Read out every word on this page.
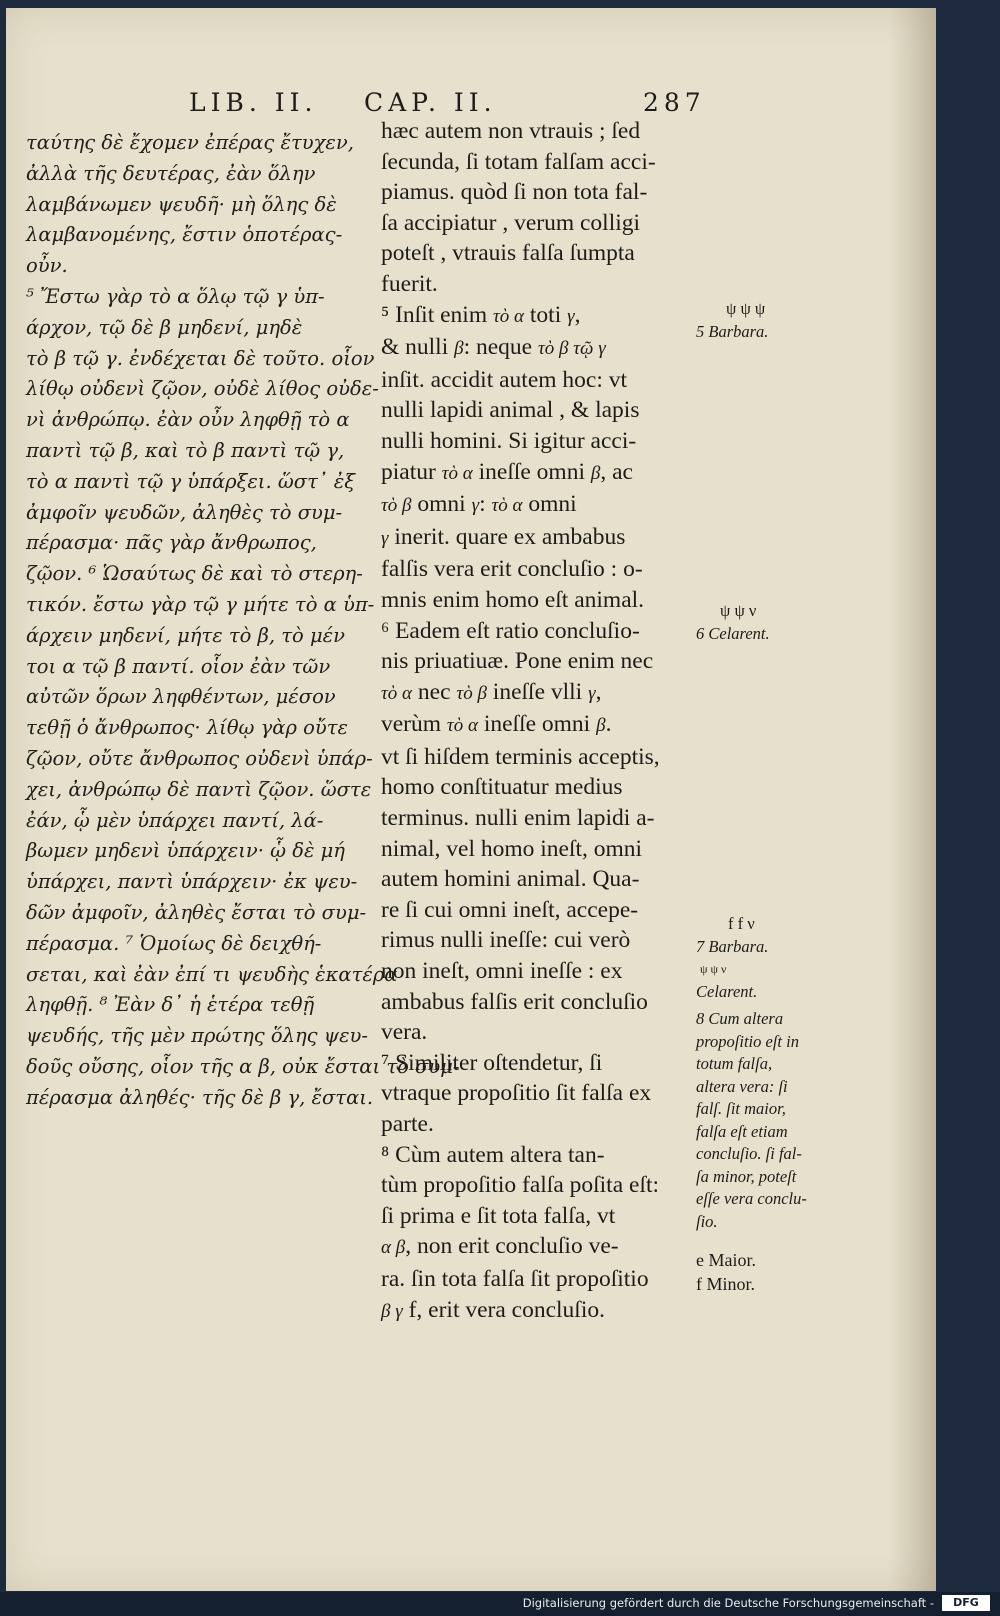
LIB. II. CAP. II.	287
ταύτης δὲ ἔχομεν ἐπέρας ἔτυχεν,
ἀλλὰ τῆς δευτέρας, ἐὰν ὅλην
λαμβάνωμεν ψευδῆ· μὴ ὅλης δὲ
λαμβανομένης, ἔστιν ὁποτέρας-
οὖν.
⁵ Ἔστω γὰρ τὸ α ὅλῳ τῷ γ ὑπ-
άρχον, τῷ δὲ β μηδενί, μηδὲ
τὸ β τῷ γ. ἐνδέχεται δὲ τοῦτο. οἷον
λίθῳ οὐδενὶ ζῷον, οὐδὲ λίθος οὐδε-
νὶ ἀνθρώπῳ. ἐὰν οὖν ληφθῇ τὸ α
παντὶ τῷ β, καὶ τὸ β παντὶ τῷ γ,
τὸ α παντὶ τῷ γ ὑπάρξει. ὥστ᾽ ἐξ
ἀμφοῖν ψευδῶν, ἀληθὲς τὸ συμ-
πέρασμα· πᾶς γὰρ ἄνθρωπος,
ζῷον. ⁶ Ὡσαύτως δὲ καὶ τὸ στερη-
τικόν. ἔστω γὰρ τῷ γ μήτε τὸ α ὑπ-
άρχειν μηδενί, μήτε τὸ β, τὸ μέν
τοι α τῷ β παντί. οἷον ἐὰν τῶν
αὐτῶν ὅρων ληφθέντων, μέσον
τεθῇ ὁ ἄνθρωπος· λίθῳ γὰρ οὔτε
ζῷον, οὔτε ἄνθρωπος οὐδενὶ ὑπάρ-
χει, ἀνθρώπῳ δὲ παντὶ ζῷον. ὥστε
ἐάν, ᾧ μὲν ὑπάρχει παντί, λά-
βωμεν μηδενὶ ὑπάρχειν· ᾧ δὲ μή
ὑπάρχει, παντὶ ὑπάρχειν· ἐκ ψευ-
δῶν ἀμφοῖν, ἀληθὲς ἔσται τὸ συμ-
πέρασμα. ⁷ Ὁμοίως δὲ δειχθή-
σεται, καὶ ἐὰν ἐπί τι ψευδὴς ἑκατέρα
ληφθῇ. ⁸ Ἐὰν δ᾽ ἡ ἑτέρα τεθῇ
ψευδής, τῆς μὲν πρώτης ὅλης ψευ-
δοῦς οὔσης, οἷον τῆς α β, οὐκ ἔσται τὸ συμ-
πέρασμα ἀληθές· τῆς δὲ β γ, ἔσται.
hæc autem non vtrauis ; ſed
ſecunda, ſi totam falſam acci-
piamus. quòd ſi non tota fal-
ſa accipiatur , verum colligi
poteſt , vtrauis falſa ſumpta
fuerit.
⁵ Inſit enim τὸ α toti γ,
& nulli β: neque τὸ β τῷ γ
inſit. accidit autem hoc: vt
nulli lapidi animal , & lapis
nulli homini. Si igitur acci-
piatur τὸ α ineſſe omni β, ac
τὸ β omni γ: τὸ α omni
γ inerit. quare ex ambabus
falſis vera erit concluſio : o-
mnis enim homo eſt animal.
⁶ Eadem eſt ratio concluſio-
nis priuatiuæ. Pone enim nec
τὸ α nec τὸ β ineſſe vlli γ,
verùm τὸ α ineſſe omni β.
vt ſi hiſdem terminis acceptis,
homo conſtituatur medius
terminus. nulli enim lapidi a-
nimal, vel homo ineſt, omni
autem homini animal. Qua-
re ſi cui omni ineſt, accepe-
rimus nulli ineſſe: cui verò
non ineſt, omni ineſſe : ex
ambabus falſis erit concluſio
vera.
⁷ Similiter oſtendetur, ſi
vtraque propoſitio ſit falſa ex
parte.
⁸ Cùm autem altera tan-
tùm propoſitio falſa poſita eſt:
ſi prima e ſit tota falſa, vt
α β, non erit concluſio ve-
ra. ſin tota falſa ſit propoſitio
β γ f, erit vera concluſio.
ψ ψ ψ
5 Barbara.
ψ ψ ν
6 Celarent.
f f ν
7 Barbara.
ψ ψ ν
Celarent.
8 Cum altera
propoſitio eſt in
totum falſa,
altera vera: ſi
falſ. ſit maior,
falſa eſt etiam
concluſio. ſi fal-
ſa minor, poteſt
eſſe vera conclu-
ſio.
e Maior.
f Minor.
Digitalisierung gefördert durch die Deutsche Forschungsgemeinschaft -	DFG
